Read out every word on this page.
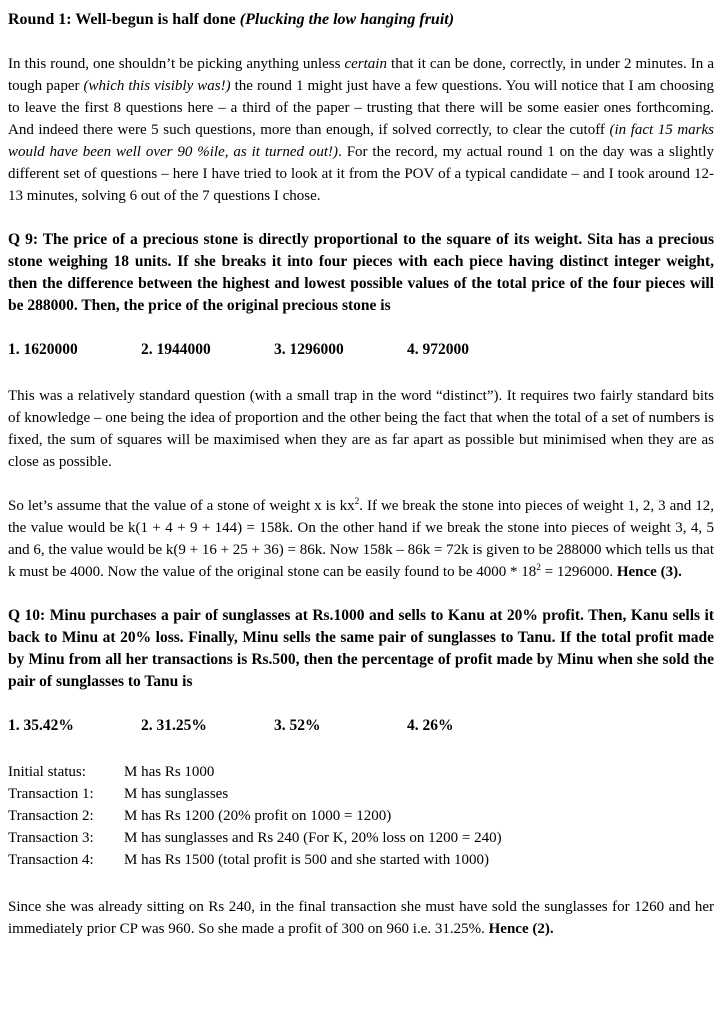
Round 1: Well-begun is half done (Plucking the low hanging fruit)

In this round, one shouldn’t be picking anything unless certain that it can be done, correctly, in under 2 minutes. In a tough paper (which this visibly was!) the round 1 might just have a few questions. You will notice that I am choosing to leave the first 8 questions here – a third of the paper – trusting that there will be some easier ones forthcoming. And indeed there were 5 such questions, more than enough, if solved correctly, to clear the cutoff (in fact 15 marks would have been well over 90 %ile, as it turned out!). For the record, my actual round 1 on the day was a slightly different set of questions – here I have tried to look at it from the POV of a typical candidate – and I took around 12-13 minutes, solving 6 out of the 7 questions I chose.

Q 9: The price of a precious stone is directly proportional to the square of its weight. Sita has a precious stone weighing 18 units. If she breaks it into four pieces with each piece having distinct integer weight, then the difference between the highest and lowest possible values of the total price of the four pieces will be 288000. Then, the price of the original precious stone is

1. 1620000	2. 1944000	3. 1296000	4. 972000

This was a relatively standard question (with a small trap in the word “distinct”). It requires two fairly standard bits of knowledge – one being the idea of proportion and the other being the fact that when the total of a set of numbers is fixed, the sum of squares will be maximised when they are as far apart as possible but minimised when they are as close as possible.

So let’s assume that the value of a stone of weight x is $kx^2$. If we break the stone into pieces of weight 1, 2, 3 and 12, the value would be k(1 + 4 + 9 + 144) = 158k. On the other hand if we break the stone into pieces of weight 3, 4, 5 and 6, the value would be k(9 + 16 + 25 + 36) = 86k. Now 158k – 86k = 72k is given to be 288000 which tells us that k must be 4000. Now the value of the original stone can be easily found to be $4000 * 18^2 = 1296000$. Hence (3).

Q 10: Minu purchases a pair of sunglasses at Rs.1000 and sells to Kanu at 20% profit. Then, Kanu sells it back to Minu at 20% loss. Finally, Minu sells the same pair of sunglasses to Tanu. If the total profit made by Minu from all her transactions is Rs.500, then the percentage of profit made by Minu when she sold the pair of sunglasses to Tanu is

1. 35.42%	2. 31.25%	3. 52%	4. 26%
Initial status:	M has Rs 1000
Transaction 1:	M has sunglasses
Transaction 2:	M has Rs 1200 (20% profit on 1000 = 1200)
Transaction 3:	M has sunglasses and Rs 240 (For K, 20% loss on 1200 = 240)
Transaction 4:	M has Rs 1500 (total profit is 500 and she started with 1000)

Since she was already sitting on Rs 240, in the final transaction she must have sold the sunglasses for 1260 and her immediately prior CP was 960. So she made a profit of 300 on 960 i.e. 31.25%. Hence (2).
